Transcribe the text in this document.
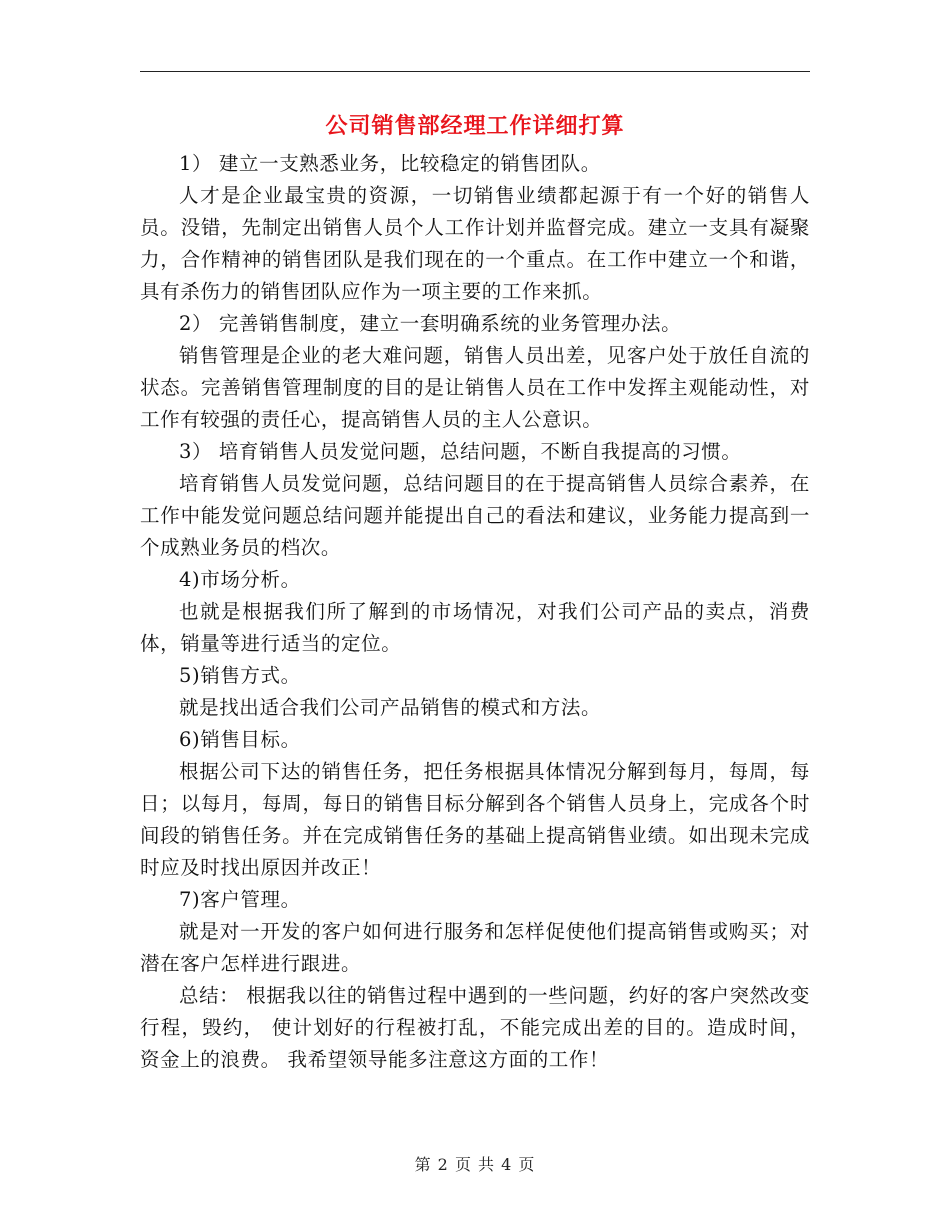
公司销售部经理工作详细打算

1） 建立一支熟悉业务，比较稳定的销售团队。

人才是企业最宝贵的资源，一切销售业绩都起源于有一个好的销售人员。没错，先制定出销售人员个人工作计划并监督完成。建立一支具有凝聚力，合作精神的销售团队是我们现在的一个重点。在工作中建立一个和谐，具有杀伤力的销售团队应作为一项主要的工作来抓。

2） 完善销售制度，建立一套明确系统的业务管理办法。

销售管理是企业的老大难问题，销售人员出差，见客户处于放任自流的状态。完善销售管理制度的目的是让销售人员在工作中发挥主观能动性，对工作有较强的责任心，提高销售人员的主人公意识。

3） 培育销售人员发觉问题，总结问题，不断自我提高的习惯。

培育销售人员发觉问题，总结问题目的在于提高销售人员综合素养，在工作中能发觉问题总结问题并能提出自己的看法和建议，业务能力提高到一个成熟业务员的档次。

4)市场分析。

也就是根据我们所了解到的市场情况，对我们公司产品的卖点，消费体，销量等进行适当的定位。

5)销售方式。

就是找出适合我们公司产品销售的模式和方法。

6)销售目标。

根据公司下达的销售任务，把任务根据具体情况分解到每月，每周，每日；以每月，每周，每日的销售目标分解到各个销售人员身上，完成各个时间段的销售任务。并在完成销售任务的基础上提高销售业绩。如出现未完成时应及时找出原因并改正！

7)客户管理。

就是对一开发的客户如何进行服务和怎样促使他们提高销售或购买；对潜在客户怎样进行跟进。

总结： 根据我以往的销售过程中遇到的一些问题，约好的客户突然改变行程，毁约， 使计划好的行程被打乱，不能完成出差的目的。造成时间，资金上的浪费。 我希望领导能多注意这方面的工作！

第 2 页 共 4 页
